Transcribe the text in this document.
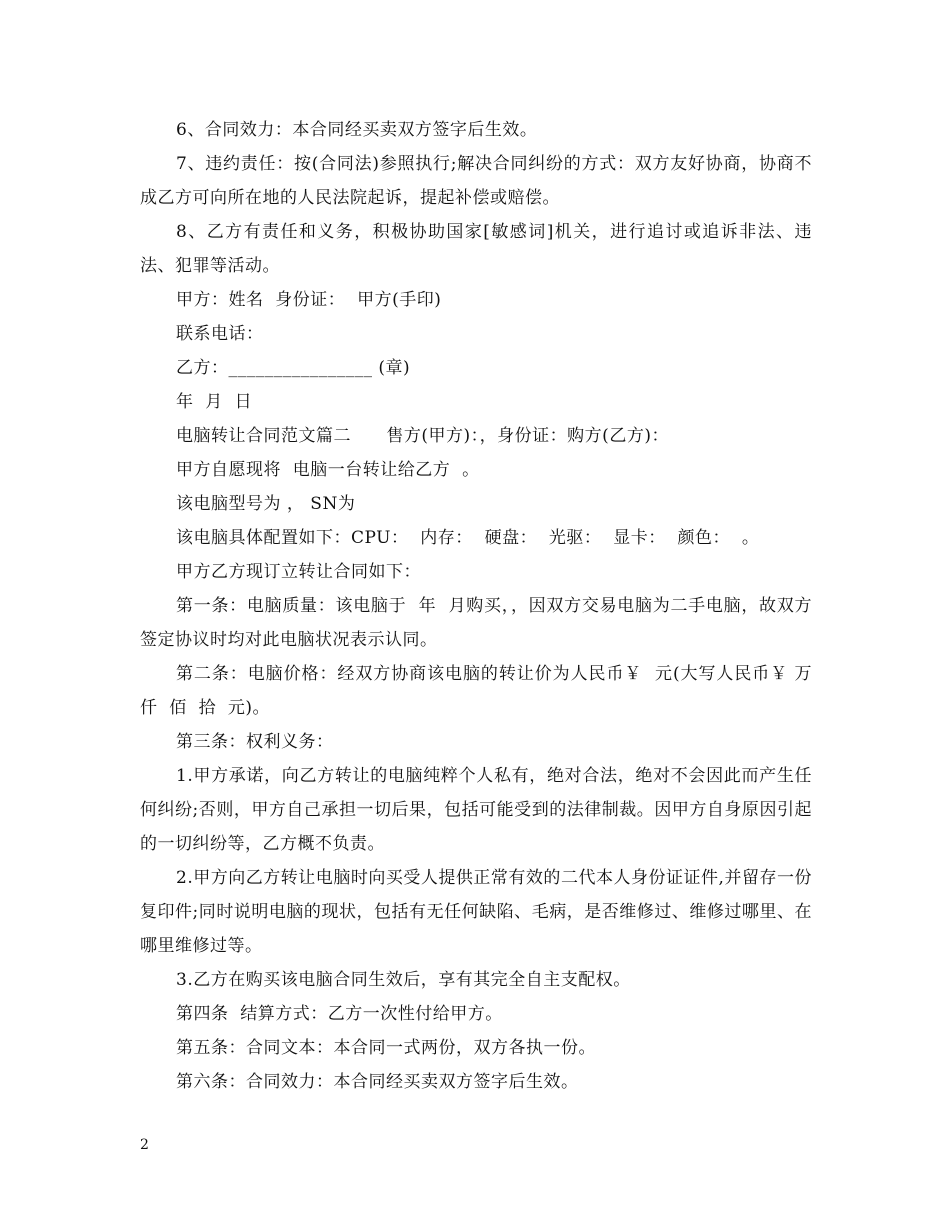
6、合同效力：本合同经买卖双方签字后生效。

7、违约责任：按(合同法)参照执行;解决合同纠纷的方式：双方友好协商，协商不成乙方可向所在地的人民法院起诉，提起补偿或赔偿。

8、乙方有责任和义务，积极协助国家[敏感词]机关，进行追讨或追诉非法、违法、犯罪等活动。

甲方：姓名  身份证：  甲方(手印)

联系电话：

乙方：________________ (章)

年  月  日

电脑转让合同范文篇二      售方(甲方)：，身份证：购方(乙方)：

甲方自愿现将  电脑一台转让给乙方  。

该电脑型号为 ， SN为

该电脑具体配置如下：CPU：  内存：  硬盘：  光驱：  显卡：  颜色：  。

甲方乙方现订立转让合同如下：

第一条：电脑质量：该电脑于  年  月购买，，因双方交易电脑为二手电脑，故双方签定协议时均对此电脑状况表示认同。

第二条：电脑价格：经双方协商该电脑的转让价为人民币￥  元(大写人民币￥ 万  仟  佰  拾  元)。

第三条：权利义务：

1.甲方承诺，向乙方转让的电脑纯粹个人私有，绝对合法，绝对不会因此而产生任何纠纷;否则，甲方自己承担一切后果，包括可能受到的法律制裁。因甲方自身原因引起的一切纠纷等，乙方概不负责。

2.甲方向乙方转让电脑时向买受人提供正常有效的二代本人身份证证件,并留存一份复印件;同时说明电脑的现状，包括有无任何缺陷、毛病，是否维修过、维修过哪里、在哪里维修过等。

3.乙方在购买该电脑合同生效后，享有其完全自主支配权。

第四条  结算方式：乙方一次性付给甲方。

第五条：合同文本：本合同一式两份，双方各执一份。

第六条：合同效力：本合同经买卖双方签字后生效。

2
